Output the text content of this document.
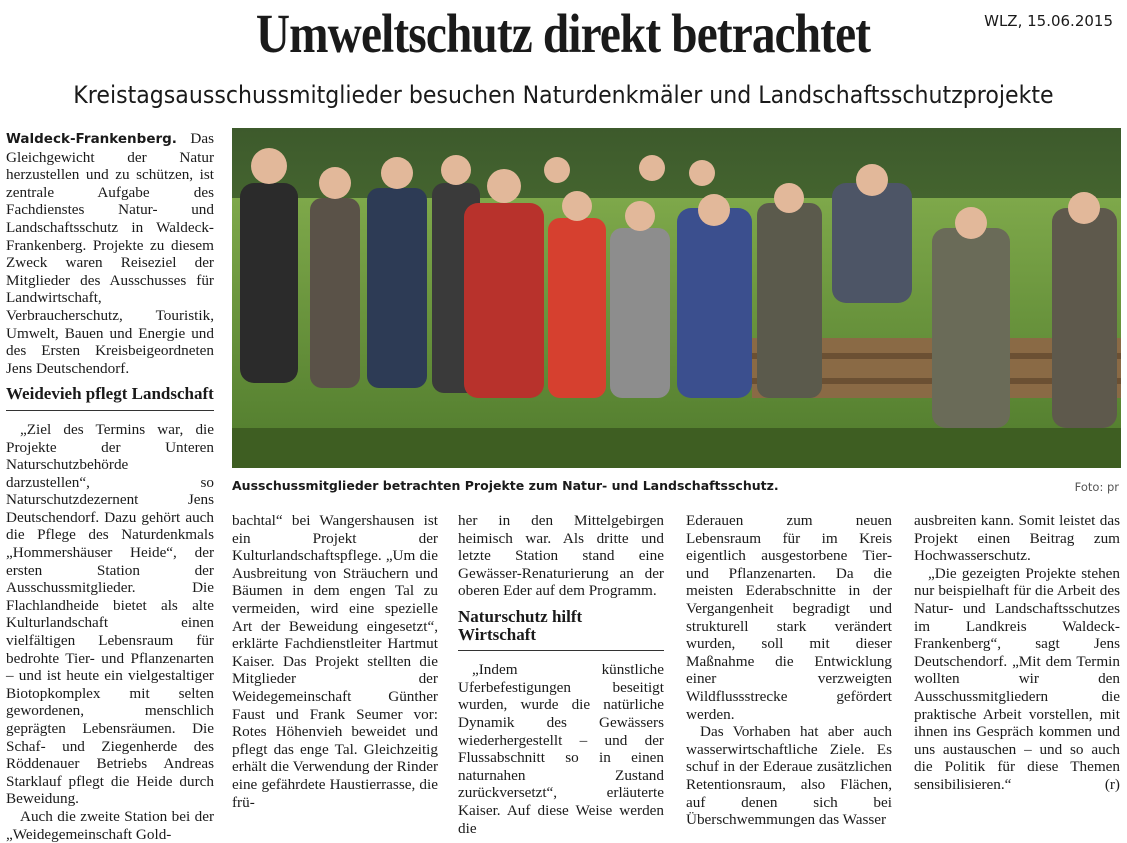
Umweltschutz direkt betrachtet	WLZ, 15.06.2015
Kreistagsausschussmitglieder besuchen Naturdenkmäler und Landschaftsschutzprojekte

Waldeck-Frankenberg. Das Gleichgewicht der Natur herzustellen und zu schützen, ist zentrale Aufgabe des Fachdienstes Natur- und Landschaftsschutz in Waldeck-Frankenberg. Projekte zu diesem Zweck waren Reiseziel der Mitglieder des Ausschusses für Landwirtschaft, Verbraucherschutz, Touristik, Umwelt, Bauen und Energie und des Ersten Kreisbeigeordneten Jens Deutschendorf.

Weidevieh pflegt Landschaft

„Ziel des Termins war, die Projekte der Unteren Naturschutzbehörde darzustellen“, so Naturschutzdezernent Jens Deutschendorf. Dazu gehört auch die Pflege des Naturdenkmals „Hommershäuser Heide“, der ersten Station der Ausschussmitglieder. Die Flachlandheide bietet als alte Kulturlandschaft einen vielfältigen Lebensraum für bedrohte Tier- und Pflanzenarten – und ist heute ein vielgestaltiger Biotopkomplex mit selten gewordenen, menschlich geprägten Lebensräumen. Die Schaf- und Ziegenherde des Röddenauer Betriebs Andreas Starklauf pflegt die Heide durch Beweidung.

Auch die zweite Station bei der „Weidegemeinschaft Gold-

Ausschussmitglieder betrachten Projekte zum Natur- und Landschaftsschutz.	Foto: pr

bachtal“ bei Wangershausen ist ein Projekt der Kulturlandschaftspflege. „Um die Ausbreitung von Sträuchern und Bäumen in dem engen Tal zu vermeiden, wird eine spezielle Art der Beweidung eingesetzt“, erklärte Fachdienstleiter Hartmut Kaiser. Das Projekt stellten die Mitglieder der Weidegemeinschaft Günther Faust und Frank Seumer vor: Rotes Höhenvieh beweidet und pflegt das enge Tal. Gleichzeitig erhält die Verwendung der Rinder eine gefährdete Haustierrasse, die frü-

her in den Mittelgebirgen heimisch war. Als dritte und letzte Station stand eine Gewässer-Renaturierung an der oberen Eder auf dem Programm.

Naturschutz hilft Wirtschaft

„Indem künstliche Uferbefestigungen beseitigt wurden, wurde die natürliche Dynamik des Gewässers wiederhergestellt – und der Flussabschnitt so in einen naturnahen Zustand zurückversetzt“, erläuterte Kaiser. Auf diese Weise werden die

Ederauen zum neuen Lebensraum für im Kreis eigentlich ausgestorbene Tier- und Pflanzenarten. Da die meisten Ederabschnitte in der Vergangenheit begradigt und strukturell stark verändert wurden, soll mit dieser Maßnahme die Entwicklung einer verzweigten Wildflussstrecke gefördert werden.

Das Vorhaben hat aber auch wasserwirtschaftliche Ziele. Es schuf in der Ederaue zusätzlichen Retentionsraum, also Flächen, auf denen sich bei Überschwemmungen das Wasser

ausbreiten kann. Somit leistet das Projekt einen Beitrag zum Hochwasserschutz.

„Die gezeigten Projekte stehen nur beispielhaft für die Arbeit des Natur- und Landschaftsschutzes im Landkreis Waldeck-Frankenberg“, sagt Jens Deutschendorf. „Mit dem Termin wollten wir den Ausschussmitgliedern die praktische Arbeit vorstellen, mit ihnen ins Gespräch kommen und uns austauschen – und so auch die Politik für diese Themen sensibilisieren.“	(r)
